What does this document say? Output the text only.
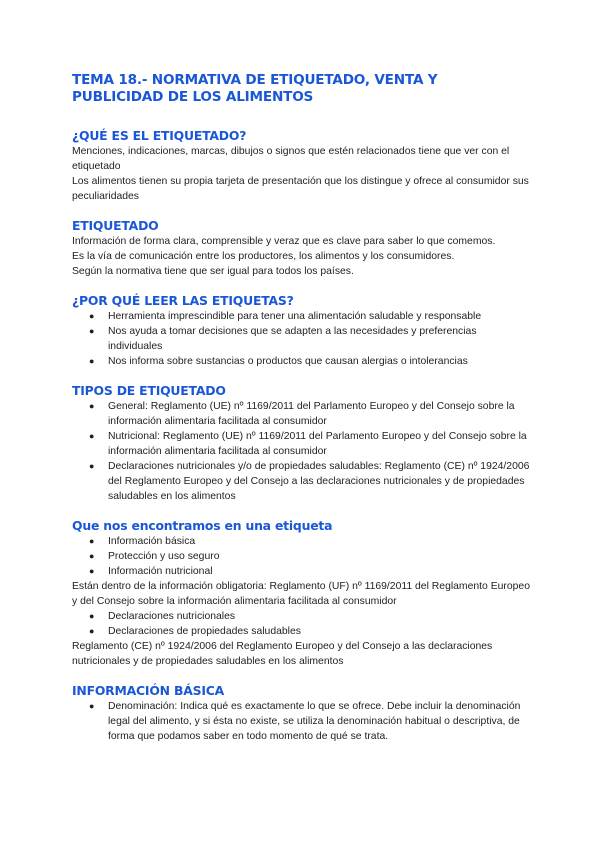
TEMA 18.- NORMATIVA DE ETIQUETADO, VENTA Y PUBLICIDAD DE LOS ALIMENTOS
¿QUÉ ES EL ETIQUETADO?

Menciones, indicaciones, marcas, dibujos o signos que estén relacionados tiene que ver con el etiquetado

Los alimentos tienen su propia tarjeta de presentación que los distingue y ofrece al consumidor sus peculiaridades

ETIQUETADO

Información de forma clara, comprensible y veraz que es clave para saber lo que comemos.

Es la vía de comunicación entre los productores, los alimentos y los consumidores.

Según la normativa tiene que ser igual para todos los países.

¿POR QUÉ LEER LAS ETIQUETAS?
● Herramienta imprescindible para tener una alimentación saludable y responsable
● Nos ayuda a tomar decisiones que se adapten a las necesidades y preferencias individuales
● Nos informa sobre sustancias o productos que causan alergias o intolerancias
TIPOS DE ETIQUETADO
● General: Reglamento (UE) nº 1169/2011 del Parlamento Europeo y del Consejo sobre la información alimentaria facilitada al consumidor
● Nutricional: Reglamento (UE) nº 1169/2011 del Parlamento Europeo y del Consejo sobre la información alimentaria facilitada al consumidor
● Declaraciones nutricionales y/o de propiedades saludables: Reglamento (CE) nº 1924/2006 del Reglamento Europeo y del Consejo a las declaraciones nutricionales y de propiedades saludables en los alimentos
Que nos encontramos en una etiqueta
● Información básica
● Protección y uso seguro
● Información nutricional

Están dentro de la información obligatoria: Reglamento (UF) nº 1169/2011 del Reglamento Europeo y del Consejo sobre la información alimentaria facilitada al consumidor

● Declaraciones nutricionales
● Declaraciones de propiedades saludables

Reglamento (CE) nº 1924/2006 del Reglamento Europeo y del Consejo a las declaraciones nutricionales y de propiedades saludables en los alimentos

INFORMACIÓN BÁSICA
● Denominación: Indica qué es exactamente lo que se ofrece. Debe incluir la denominación legal del alimento, y si ésta no existe, se utiliza la denominación habitual o descriptiva, de forma que podamos saber en todo momento de qué se trata.
